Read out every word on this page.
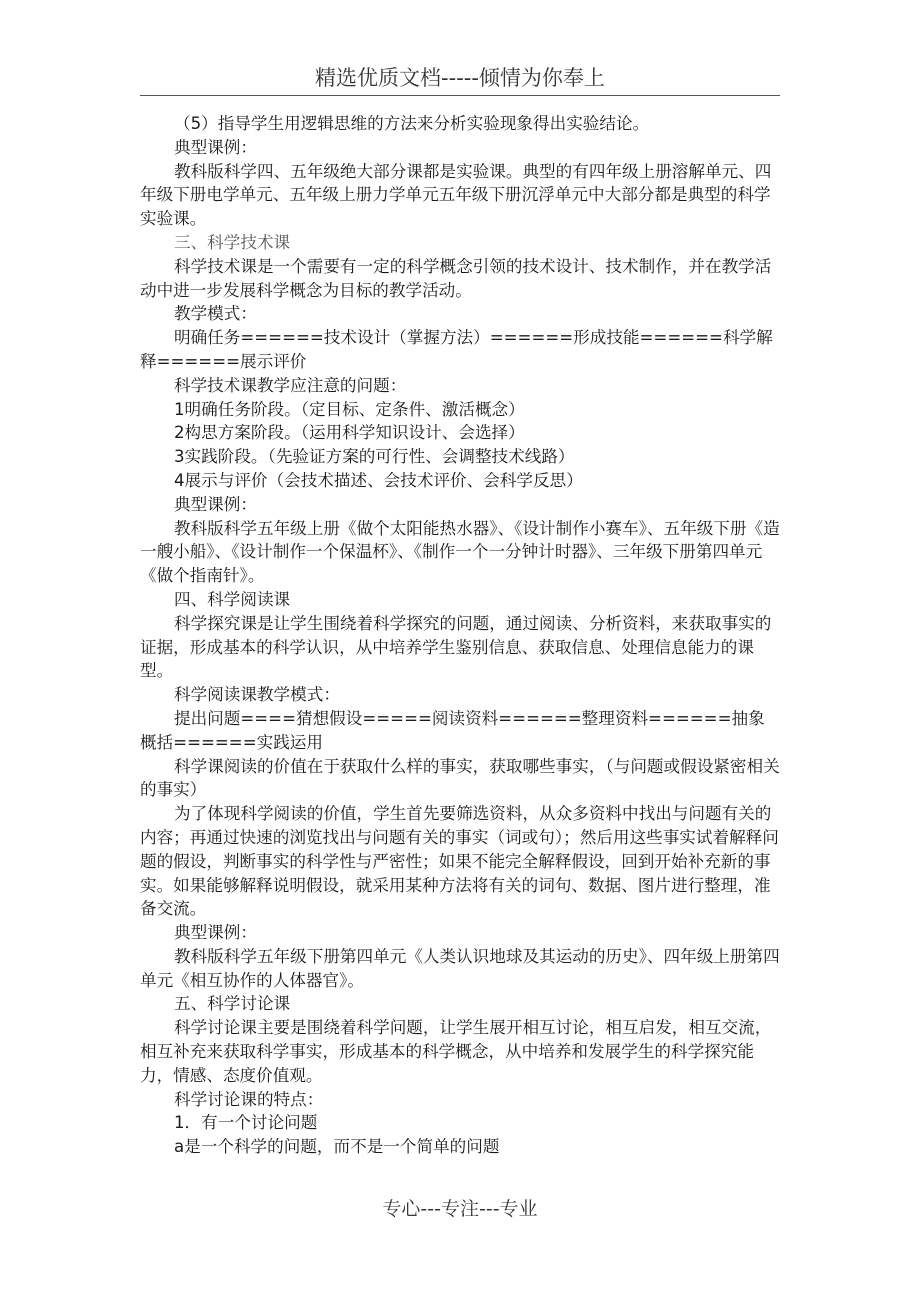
精选优质文档-----倾情为你奉上

（5）指导学生用逻辑思维的方法来分析实验现象得出实验结论。

典型课例：

教科版科学四、五年级绝大部分课都是实验课。典型的有四年级上册溶解单元、四年级下册电学单元、五年级上册力学单元五年级下册沉浮单元中大部分都是典型的科学实验课。

三、科学技术课

科学技术课是一个需要有一定的科学概念引领的技术设计、技术制作，并在教学活动中进一步发展科学概念为目标的教学活动。

教学模式：

明确任务======技术设计（掌握方法）======形成技能======科学解释======展示评价

科学技术课教学应注意的问题：

1明确任务阶段。（定目标、定条件、激活概念）

2构思方案阶段。（运用科学知识设计、会选择）

3实践阶段。（先验证方案的可行性、会调整技术线路）

4展示与评价（会技术描述、会技术评价、会科学反思）

典型课例：

教科版科学五年级上册《做个太阳能热水器》、《设计制作小赛车》、五年级下册《造一艘小船》、《设计制作一个保温杯》、《制作一个一分钟计时器》、三年级下册第四单元《做个指南针》。

四、科学阅读课

科学探究课是让学生围绕着科学探究的问题，通过阅读、分析资料，来获取事实的证据，形成基本的科学认识，从中培养学生鉴别信息、获取信息、处理信息能力的课型。

科学阅读课教学模式：

提出问题====猜想假设=====阅读资料======整理资料======抽象概括======实践运用

科学课阅读的价值在于获取什么样的事实，获取哪些事实，（与问题或假设紧密相关的事实）

为了体现科学阅读的价值，学生首先要筛选资料，从众多资料中找出与问题有关的内容；再通过快速的浏览找出与问题有关的事实（词或句）；然后用这些事实试着解释问题的假设，判断事实的科学性与严密性；如果不能完全解释假设，回到开始补充新的事实。如果能够解释说明假设，就采用某种方法将有关的词句、数据、图片进行整理，准备交流。

典型课例：

教科版科学五年级下册第四单元《人类认识地球及其运动的历史》、四年级上册第四单元《相互协作的人体器官》。

五、科学讨论课

科学讨论课主要是围绕着科学问题，让学生展开相互讨论，相互启发，相互交流，相互补充来获取科学事实，形成基本的科学概念，从中培养和发展学生的科学探究能力，情感、态度价值观。

科学讨论课的特点：

1．有一个讨论问题

a是一个科学的问题，而不是一个简单的问题

专心---专注---专业
